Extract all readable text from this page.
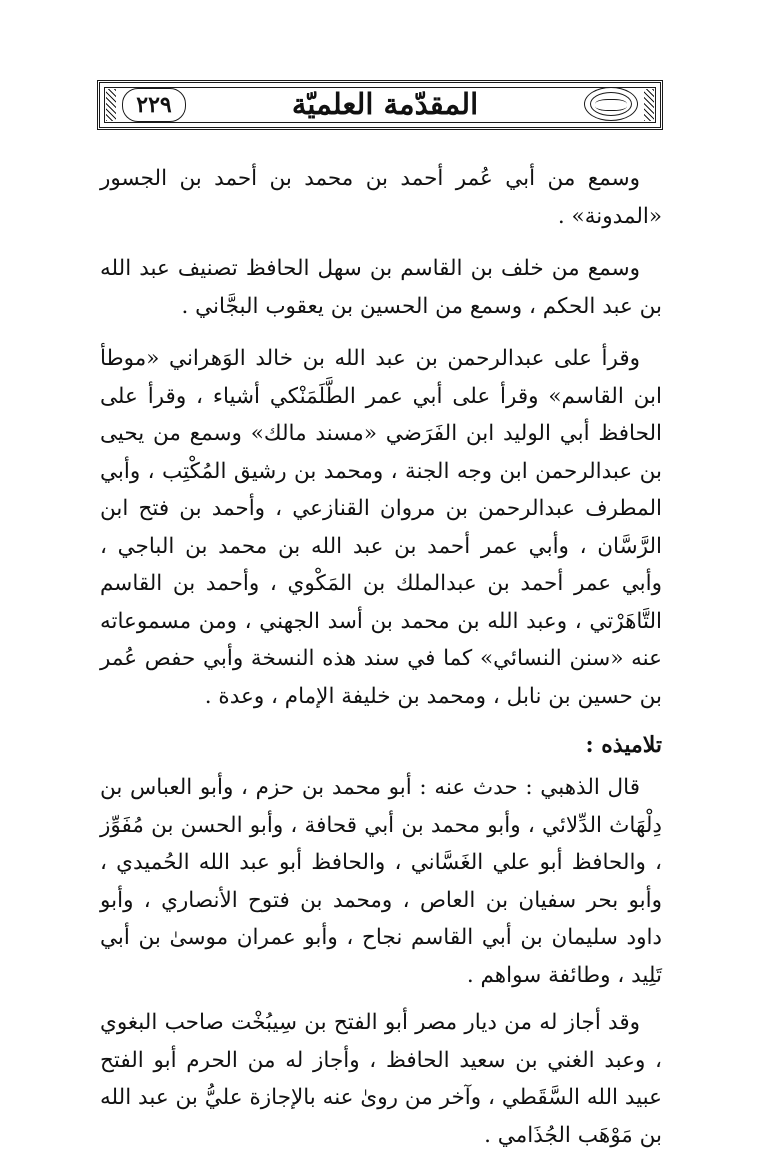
٢٢٩	المقدّمة العلميّة

وسمع من أبي عُمر أحمد بن محمد بن أحمد بن الجسور «المدونة» .

وسمع من خلف بن القاسم بن سهل الحافظ تصنيف عبد الله بن عبد الحكم ، وسمع من الحسين بن يعقوب البجَّاني .

وقرأ على عبدالرحمن بن عبد الله بن خالد الوَهراني «موطأ ابن القاسم» وقرأ على أبي عمر الطَّلَمَنْكي أشياء ، وقرأ على الحافظ أبي الوليد ابن الفَرَضي «مسند مالك» وسمع من يحيى بن عبدالرحمن ابن وجه الجنة ، ومحمد بن رشيق المُكْتِب ، وأبي المطرف عبدالرحمن بن مروان القنازعي ، وأحمد بن فتح ابن الرَّسَّان ، وأبي عمر أحمد بن عبد الله بن محمد بن الباجي ، وأبي عمر أحمد بن عبدالملك بن المَكْوي ، وأحمد بن القاسم التَّاهَرْتي ، وعبد الله بن محمد بن أسد الجهني ، ومن مسموعاته عنه «سنن النسائي» كما في سند هذه النسخة وأبي حفص عُمر بن حسين بن نابل ، ومحمد بن خليفة الإمام ، وعدة .

تلاميذه :

قال الذهبي : حدث عنه : أبو محمد بن حزم ، وأبو العباس بن دِلْهَاث الدِّلائي ، وأبو محمد بن أبي قحافة ، وأبو الحسن بن مُفَوِّز ، والحافظ أبو علي الغَسَّاني ، والحافظ أبو عبد الله الحُميدي ، وأبو بحر سفيان بن العاص ، ومحمد بن فتوح الأنصاري ، وأبو داود سليمان بن أبي القاسم نجاح ، وأبو عمران موسىٰ بن أبي تَلِيد ، وطائفة سواهم .

وقد أجاز له من ديار مصر أبو الفتح بن سِيبُخْت صاحب البغوي ، وعبد الغني بن سعيد الحافظ ، وأجاز له من الحرم أبو الفتح عبيد الله السَّقَطي ، وآخر من روىٰ عنه بالإجازة عليُّ بن عبد الله بن مَوْهَب الجُذَامي .
